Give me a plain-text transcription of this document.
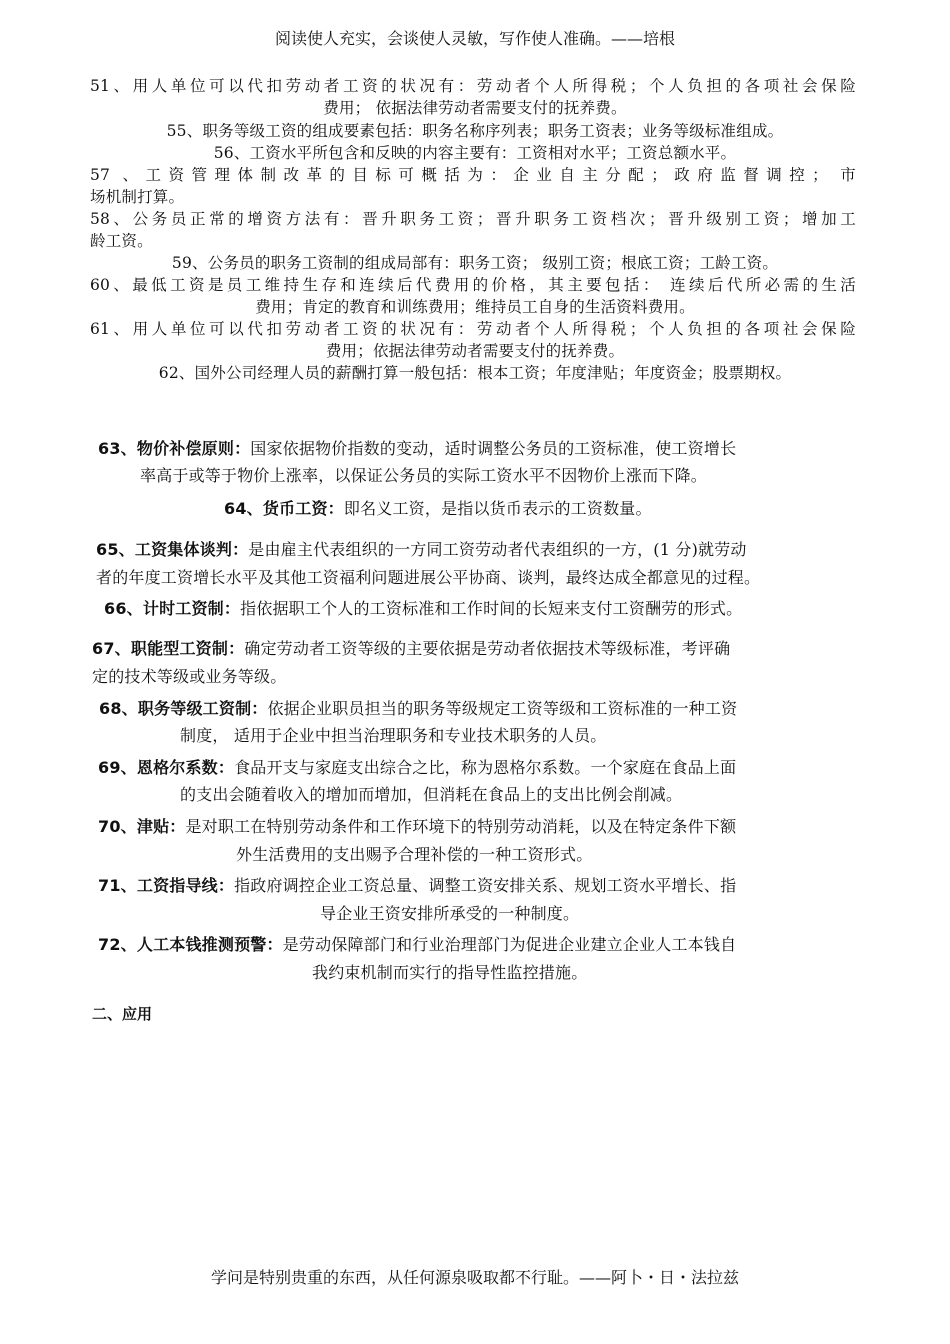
阅读使人充实，会谈使人灵敏，写作使人准确。——培根
51、用人单位可以代扣劳动者工资的状况有：劳动者个人所得税；个人负担的各项社会保险
费用； 依据法律劳动者需要支付的抚养费。
55、职务等级工资的组成要素包括：职务名称序列表；职务工资表；业务等级标准组成。
56、工资水平所包含和反映的内容主要有：工资相对水平；工资总额水平。
57 、工资管理体制改革的目标可概括为：企业自主分配；政府监督调控； 市
场机制打算。
58、公务员正常的增资方法有：晋升职务工资；晋升职务工资档次；晋升级别工资；增加工
龄工资。
59、公务员的职务工资制的组成局部有：职务工资； 级别工资；根底工资；工龄工资。
60、最低工资是员工维持生存和连续后代费用的价格，其主要包括： 连续后代所必需的生活
费用；肯定的教育和训练费用；维持员工自身的生活资料费用。
61、用人单位可以代扣劳动者工资的状况有：劳动者个人所得税；个人负担的各项社会保险
费用；依据法律劳动者需要支付的抚养费。
62、国外公司经理人员的薪酬打算一般包括：根本工资；年度津贴；年度资金；股票期权。
63、物价补偿原则：国家依据物价指数的变动，适时调整公务员的工资标准，使工资增长
率高于或等于物价上涨率，以保证公务员的实际工资水平不因物价上涨而下降。
64、货币工资：即名义工资，是指以货币表示的工资数量。
65、工资集体谈判：是由雇主代表组织的一方同工资劳动者代表组织的一方，(1 分)就劳动
者的年度工资增长水平及其他工资福利问题进展公平协商、谈判，最终达成全都意见的过程。
66、计时工资制：指依据职工个人的工资标准和工作时间的长短来支付工资酬劳的形式。
67、职能型工资制：确定劳动者工资等级的主要依据是劳动者依据技术等级标准，考评确
定的技术等级或业务等级。
68、职务等级工资制：依据企业职员担当的职务等级规定工资等级和工资标准的一种工资
制度， 适用于企业中担当治理职务和专业技术职务的人员。
69、恩格尔系数：食品开支与家庭支出综合之比，称为恩格尔系数。一个家庭在食品上面
的支出会随着收入的增加而增加，但消耗在食品上的支出比例会削减。
70、津贴：是对职工在特别劳动条件和工作环境下的特别劳动消耗，以及在特定条件下额
外生活费用的支出赐予合理补偿的一种工资形式。
71、工资指导线：指政府调控企业工资总量、调整工资安排关系、规划工资水平增长、指
导企业王资安排所承受的一种制度。
72、人工本钱推测预警：是劳动保障部门和行业治理部门为促进企业建立企业人工本钱自
我约束机制而实行的指导性监控措施。
二、应用
学问是特别贵重的东西，从任何源泉吸取都不行耻。——阿卜・日・法拉兹
